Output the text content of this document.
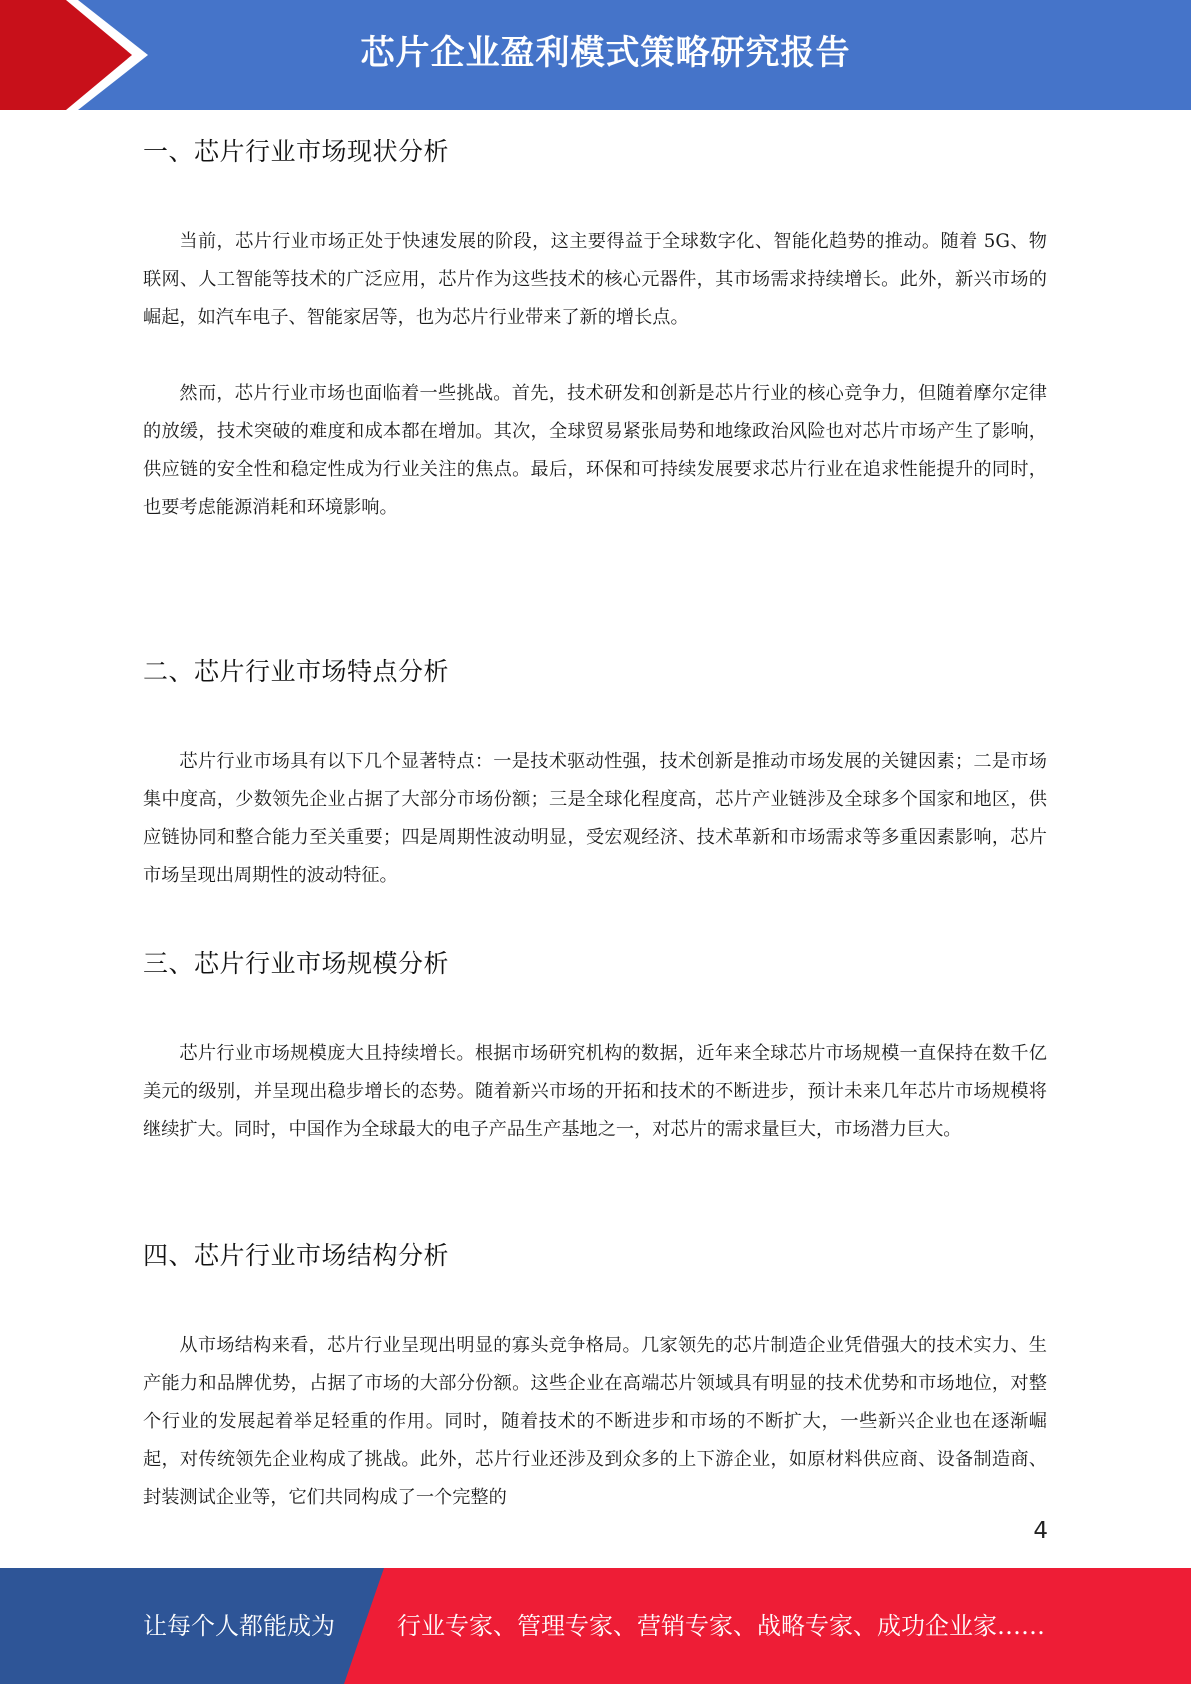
芯片企业盈利模式策略研究报告
一、芯片行业市场现状分析

当前，芯片行业市场正处于快速发展的阶段，这主要得益于全球数字化、智能化趋势的推动。随着 5G、物联网、人工智能等技术的广泛应用，芯片作为这些技术的核心元器件，其市场需求持续增长。此外，新兴市场的崛起，如汽车电子、智能家居等，也为芯片行业带来了新的增长点。

然而，芯片行业市场也面临着一些挑战。首先，技术研发和创新是芯片行业的核心竞争力，但随着摩尔定律的放缓，技术突破的难度和成本都在增加。其次，全球贸易紧张局势和地缘政治风险也对芯片市场产生了影响，供应链的安全性和稳定性成为行业关注的焦点。最后，环保和可持续发展要求芯片行业在追求性能提升的同时，也要考虑能源消耗和环境影响。

二、芯片行业市场特点分析

芯片行业市场具有以下几个显著特点：一是技术驱动性强，技术创新是推动市场发展的关键因素；二是市场集中度高，少数领先企业占据了大部分市场份额；三是全球化程度高，芯片产业链涉及全球多个国家和地区，供应链协同和整合能力至关重要；四是周期性波动明显，受宏观经济、技术革新和市场需求等多重因素影响，芯片市场呈现出周期性的波动特征。

三、芯片行业市场规模分析

芯片行业市场规模庞大且持续增长。根据市场研究机构的数据，近年来全球芯片市场规模一直保持在数千亿美元的级别，并呈现出稳步增长的态势。随着新兴市场的开拓和技术的不断进步，预计未来几年芯片市场规模将继续扩大。同时，中国作为全球最大的电子产品生产基地之一，对芯片的需求量巨大，市场潜力巨大。

四、芯片行业市场结构分析

从市场结构来看，芯片行业呈现出明显的寡头竞争格局。几家领先的芯片制造企业凭借强大的技术实力、生产能力和品牌优势，占据了市场的大部分份额。这些企业在高端芯片领域具有明显的技术优势和市场地位，对整个行业的发展起着举足轻重的作用。同时，随着技术的不断进步和市场的不断扩大，一些新兴企业也在逐渐崛起，对传统领先企业构成了挑战。此外，芯片行业还涉及到众多的上下游企业，如原材料供应商、设备制造商、封装测试企业等，它们共同构成了一个完整的

4
让每个人都能成为	行业专家、管理专家、营销专家、战略专家、成功企业家……
